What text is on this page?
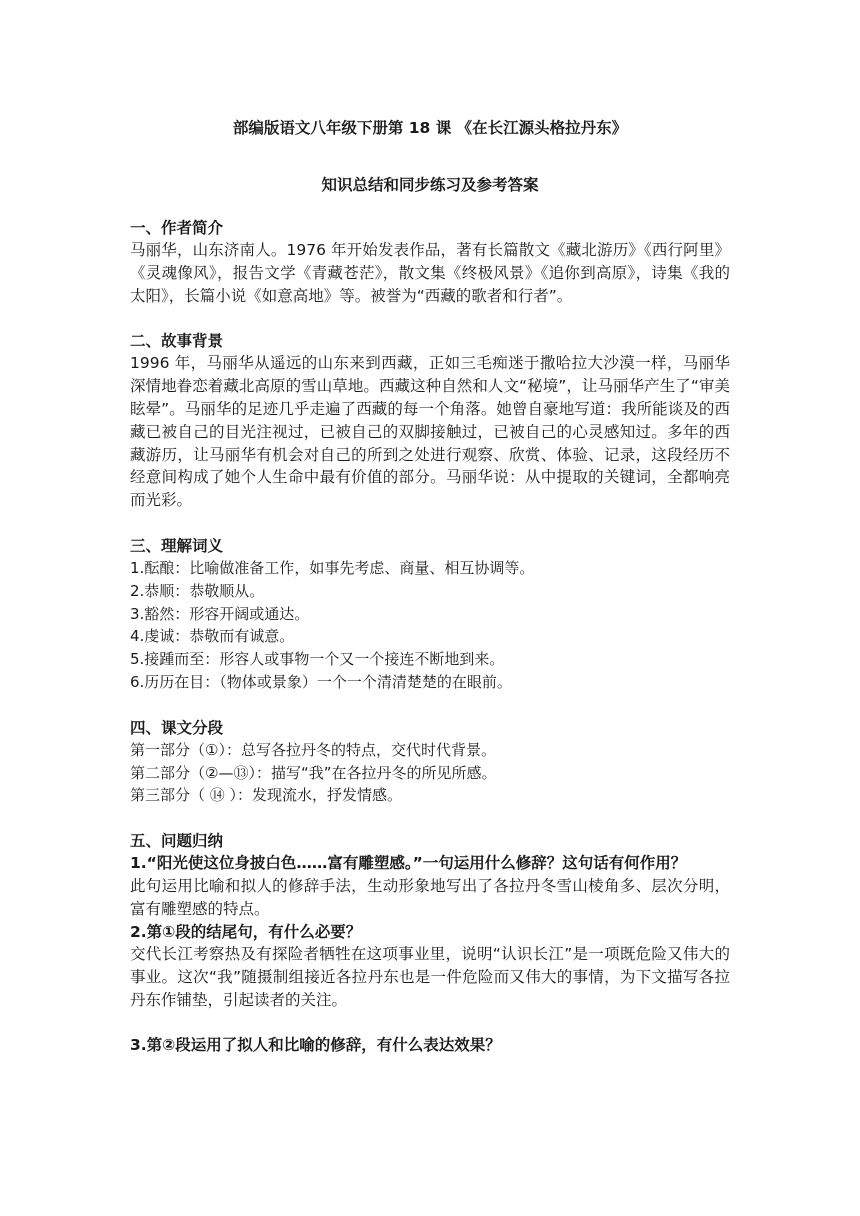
部编版语文八年级下册第 18 课 《在长江源头格拉丹东》

知识总结和同步练习及参考答案

一、作者简介

马丽华，山东济南人。1976 年开始发表作品，著有长篇散文《藏北游历》《西行阿里》《灵魂像风》，报告文学《青藏苍茫》，散文集《终极风景》《追你到高原》，诗集《我的太阳》，长篇小说《如意高地》等。被誉为“西藏的歌者和行者”。

二、故事背景

1996 年，马丽华从遥远的山东来到西藏，正如三毛痴迷于撒哈拉大沙漠一样，马丽华深情地眷恋着藏北高原的雪山草地。西藏这种自然和人文“秘境”，让马丽华产生了“审美眩晕”。马丽华的足迹几乎走遍了西藏的每一个角落。她曾自豪地写道：我所能谈及的西藏已被自己的目光注视过，已被自己的双脚接触过，已被自己的心灵感知过。多年的西藏游历，让马丽华有机会对自己的所到之处进行观察、欣赏、体验、记录，这段经历不经意间构成了她个人生命中最有价值的部分。马丽华说：从中提取的关键词，全都响亮而光彩。

三、理解词义

1.酝酿：比喻做准备工作，如事先考虑、商量、相互协调等。

2.恭顺：恭敬顺从。

3.豁然：形容开阔或通达。

4.虔诚：恭敬而有诚意。

5.接踵而至：形容人或事物一个又一个接连不断地到来。

6.历历在目：（物体或景象）一个一个清清楚楚的在眼前。

四、课文分段

第一部分（①）：总写各拉丹冬的特点，交代时代背景。

第二部分（②—⑬）：描写“我”在各拉丹冬的所见所感。

第三部分（ ⑭ ）：发现流水，抒发情感。

五、问题归纳

1.“阳光使这位身披白色……富有雕塑感。”一句运用什么修辞？这句话有何作用？

此句运用比喻和拟人的修辞手法，生动形象地写出了各拉丹冬雪山棱角多、层次分明，富有雕塑感的特点。

2.第①段的结尾句，有什么必要？

交代长江考察热及有探险者牺牲在这项事业里，说明“认识长江”是一项既危险又伟大的事业。这次“我”随摄制组接近各拉丹东也是一件危险而又伟大的事情，为下文描写各拉丹东作铺垫，引起读者的关注。

3.第②段运用了拟人和比喻的修辞，有什么表达效果？
